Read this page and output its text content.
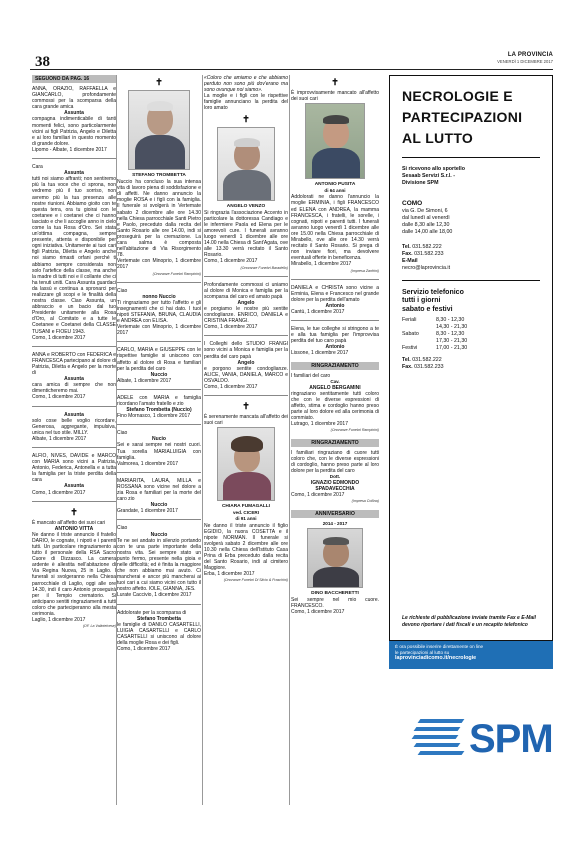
38	LA PROVINCIA
VENERDÌ 1 DICEMBRE 2017
SEGUONO DA PAG. 16
ANNA, ORAZIO, RAFFAELLA e GIANCARLO, profondamente commossi per la scomparsa della cara grande amica
Assunta
compagna indimenticabile di tanti momenti felici, sono particolarmente vicini ai figli Patrizia, Angelo e Diletta e ai loro familiari in questo momento di grande dolore.
Lipomo - Albate, 1 dicembre 2017
Cara
Assunta
tutti noi siamo affranti; non sentiremo più la tua voce che ci sprona, non vedremo più il tuo sorriso, non avremo più la tua presenza alle nostre riunioni. Abbiamo gioito con te questa terra, ora tu gioirai con le coetanee e i coetanei che ci hanno lasciato e che li accoglie anno in cielo come la tua Rosa d'Oro. Sei stata un'ottima compagna, sempre presente, attenta e disponibile per ogni iniziativa. Unitamente ai tuoi cari figli Patrizia, Diletta e Angelo anche noi siamo rimasti orfani perché ti abbiamo sempre considerata non solo l'artefice della classe, ma anche la madre di tutti noi e il collante che ci ha tenuti uniti. Cara Assunta guardaci da lassù e continua a spronarci per realizzare gli scopi e le finalità della nostra classe. Ciao Assunta, un abbraccio e un bacio dal tuo Presidente unitamente alla Rosa d'Oro, al Comitato e a tutte le Coetanee e Coetanei della CLASSE TUSANI e FIOEU 1943.
Como, 1 dicembre 2017
ANNA e ROBERTO con FEDERICA e FRANCESCA partecipano al dolore di Patrizia, Diletta e Angelo per la morte di
Assunta
cara amica di sempre che non dimenticheremo mai.
Como, 1 dicembre 2017
Assunta
solo cose belle voglio ricordare, Generosa, aggregante, impulsiva, unica nel tuo stile. MILLY.
Albate, 1 dicembre 2017
ALFIO, NIVES, DAVIDE e MARCO con MARIA sono vicini a Patrizia, Antonio, Federica, Antonella e a tutta la famiglia per la triste perdita della cara
Assunta
Como, 1 dicembre 2017
✝
È mancato all'affetto dei suoi cari
ANTONIO VITTA
Ne danno il triste annuncio il fratello DARIO, le cognate, i nipoti e i parenti tutti. Un particolare ringraziamento a tutto il personale della RSA Sacro Cuore di Dizzasco. La camera ardente è allestita nell'abitazione di Via Regina Nuova, 25 in Laglio. I funerali si svolgeranno nella Chiesa parrocchiale di Laglio, oggi alle ore 14.30, indi il caro Antonio proseguirà per il Tempio crematorio. Si anticipano sentiti ringraziamenti a tutti coloro che parteciperanno alla mesta cerimonia.
Laglio, 1 dicembre 2017
(OF. La Valintelvese)
✝
STEFANO TROMBETTA
Nuccio ha concluso la sua intensa vita di lavoro piena di soddisfazione e di affetti. Ne danno annuncio la moglie ROSA e i figli con la famiglia. Il funerale si svolgerà in Vertemate sabato 2 dicembre alle ore 14.30 nella Chiesa parrocchiale Santi Pietro e Paolo, preceduto dalla recita del Santo Rosario alle ore 14.00, indi si proseguirà per la cremazione. La cara salma è composta nell'abitazione di Via Risorgimento 78.
Vertemate con Minoprio, 1 dicembre 2017
(Onoranze Funebri Rampinini)
Ciao
nonno Nuccio
Ti ringraziamo per tutto l'affetto e gli insegnamenti che ci hai dato. I tuoi nipoti STEFANIA, BRUNA, CLAUDIA e ANDREA con ELISA.
Vertemate con Minoprio, 1 dicembre 2017
CARLO, MARIA e GIUSEPPE con le rispettive famiglie si uniscono con affetto al dolore di Rosa e familiari per la perdita del caro
Nuccio
Albate, 1 dicembre 2017
ADELE con MARIA e famiglia ricordano l'amato fratello e zio
Stefano Trombetta (Nuccio)
Fino Mornasco, 1 dicembre 2017
Ciao
Nucio
Sei e sarai sempre nei nostri cuori. Tua sorella MARIALUIGIA con famiglia.
Valmorea, 1 dicembre 2017
MARIARITA, LAURA, MILLA e ROSSANA sono vicine nel dolore a zia Rosa e familiari per la morte del caro zio
Nuccio
Grandate, 1 dicembre 2017
Ciao
Nuccio
Te ne sei andato in silenzio portando con te una parte importante della nostra vita. Sei sempre stato un punto fermo, presente nella gioia e nelle difficoltà; ed è finita la maggiore che non abbiamo mai avuto. Ci mancherai e ancor più mancherai ai tuoi cari a cui siamo vicini con tutto il nostro affetto. IOLE, GIANNA, JES.
Lurate Caccivio, 1 dicembre 2017
Addolorate per la scomparsa di
Stefano Trombetta
le famiglie di DANILO CASARTELLI, LUIGIA CASARTELLI e CARLO CASARTELLI si uniscono al dolore della moglie Rosa e dei figli.
Como, 1 dicembre 2017
«Coloro che amiamo e che abbiamo perduto non sono più dov'erano ma sono ovunque noi siamo».
La moglie e i figli con le rispettive famiglie annunciano la perdita del loro amato
✝
ANGELO VENZO
Si ringrazia l'associazione Accento in particolare la dottoressa Candiago e le infermiere Paola ed Elena per le amorevoli cure. I funerali avranno luogo venerdì 1 dicembre alle ore 14.00 nella Chiesa di Sant'Agata, ove alle 13.30 verrà recitato il Santo Rosario.
Como, 1 dicembre 2017
(Onoranze Funebri Baradello)
Profondamente commossi ci uniamo al dolore di Monica e famiglia per la scomparsa del caro ed amato papà
Angelo
e porgiamo le nostre più sentite condoglianze. ENRICO, DANIELA e CRISTINA FRANGI.
Como, 1 dicembre 2017
I Colleghi dello STUDIO FRANGI sono vicini a Monica e famiglia per la perdita del caro papà
Angelo
e porgono sentite condoglianze. ALICE, VANIA, DANIELA, MARCO e OSVALDO.
Como, 1 dicembre 2017
✝
È serenamente mancata all'affetto dei suoi cari
CHIARA FUMAGALLI
ved. CICERI
di 91 anni
Ne danno il triste annuncio il figlio EGIDIO, la nuora COSETTA e il nipote NORMAN. Il funerale si svolgerà sabato 2 dicembre alle ore 10.30 nella Chiesa dell'Istituto Casa Prina di Erba preceduto dalla recita del Santo Rosario, indi al cimitero Maggiore.
Erba, 1 dicembre 2017
(Onoranze Funebri Di Silvio & Fraschini)
✝
È improvvisamente mancato all'affetto dei suoi cari
ANTONIO PUSITA
di 64 anni
Addolorati ne danno l'annuncio la moglie ERMINIA, i figli FRANCESCO ed ELENA con ANDREA, la mamma FRANCESCA, i fratelli, le sorelle, i cognati, nipoti e parenti tutti. I funerali avranno luogo venerdì 1 dicembre alle ore 15.00 nella Chiesa parrocchiale di Mirabello, ove alle ore 14.30 verrà recitato il Santo Rosario. Si prega di non inviare fiori, ma devolvere eventuali offerte in beneficenza.
Mirabello, 1 dicembre 2017
(Impresa Zanfrini)
DANIELA e CHRISTA sono vicine a Erminia, Elena e Francesco nel grande dolore per la perdita dell'amato
Antonio
Cantù, 1 dicembre 2017
Elena, le tue colleghe si stringono a te e alla tua famiglia per l'improvvisa perdita del tuo caro papà
Antonio
Lissone, 1 dicembre 2017
RINGRAZIAMENTO
I familiari del caro
Cav.
ANGELO BERGAMINI
ringraziano sentitamente tutti coloro che con le diverse espressioni di affetto, stima e cordoglio hanno preso parte al loro dolore ed alla cerimonia di commiato.
Lutrago, 1 dicembre 2017
(Onoranze Funebri Rampinini)
RINGRAZIAMENTO
I familiari ringraziano di cuore tutti coloro che, con le diverse espressioni di cordoglio, hanno preso parte al loro dolore per la perdita del caro
Dott.
IGNAZIO EDMONDO SPADAVECCHIA
Como, 1 dicembre 2017
(Impresa Collina)
ANNIVERSARIO
2014 - 2017
DINO BACCHERETTI
Sei sempre nel mio cuore. FRANCESCO.
Como, 1 dicembre 2017
NECROLOGIE E
PARTECIPAZIONI
AL LUTTO
Si ricevono allo sportello
Sesaab Servizi S.r.l. -
Divisione SPM
COMO
via G. De Simoni, 6
dal lunedì al venerdì
dalle 8,30 alle 12,30
dalle 14,00 alle 18,00
Tel. 031.582.222
Fax. 031.582.233
E-Mail
necro@laprovincia.it
Servizio telefonico
tutti i giorni
sabato e festivi
Feriali	8,30 - 12,30
14,30 - 21,30
Sabato	8,30 - 12,30
17,30 - 21,30
Festivi	17,00 - 21,30
Tel. 031.582.222
Fax. 031.582.233
Le richieste di pubblicazione inviate tramite Fax e E-Mail devono riportare i dati fiscali e un recapito telefonico
È ora possibile inserire direttamente on line
le partecipazioni al lutto su
laprovinciadicomo.it/necrologie
SPM
